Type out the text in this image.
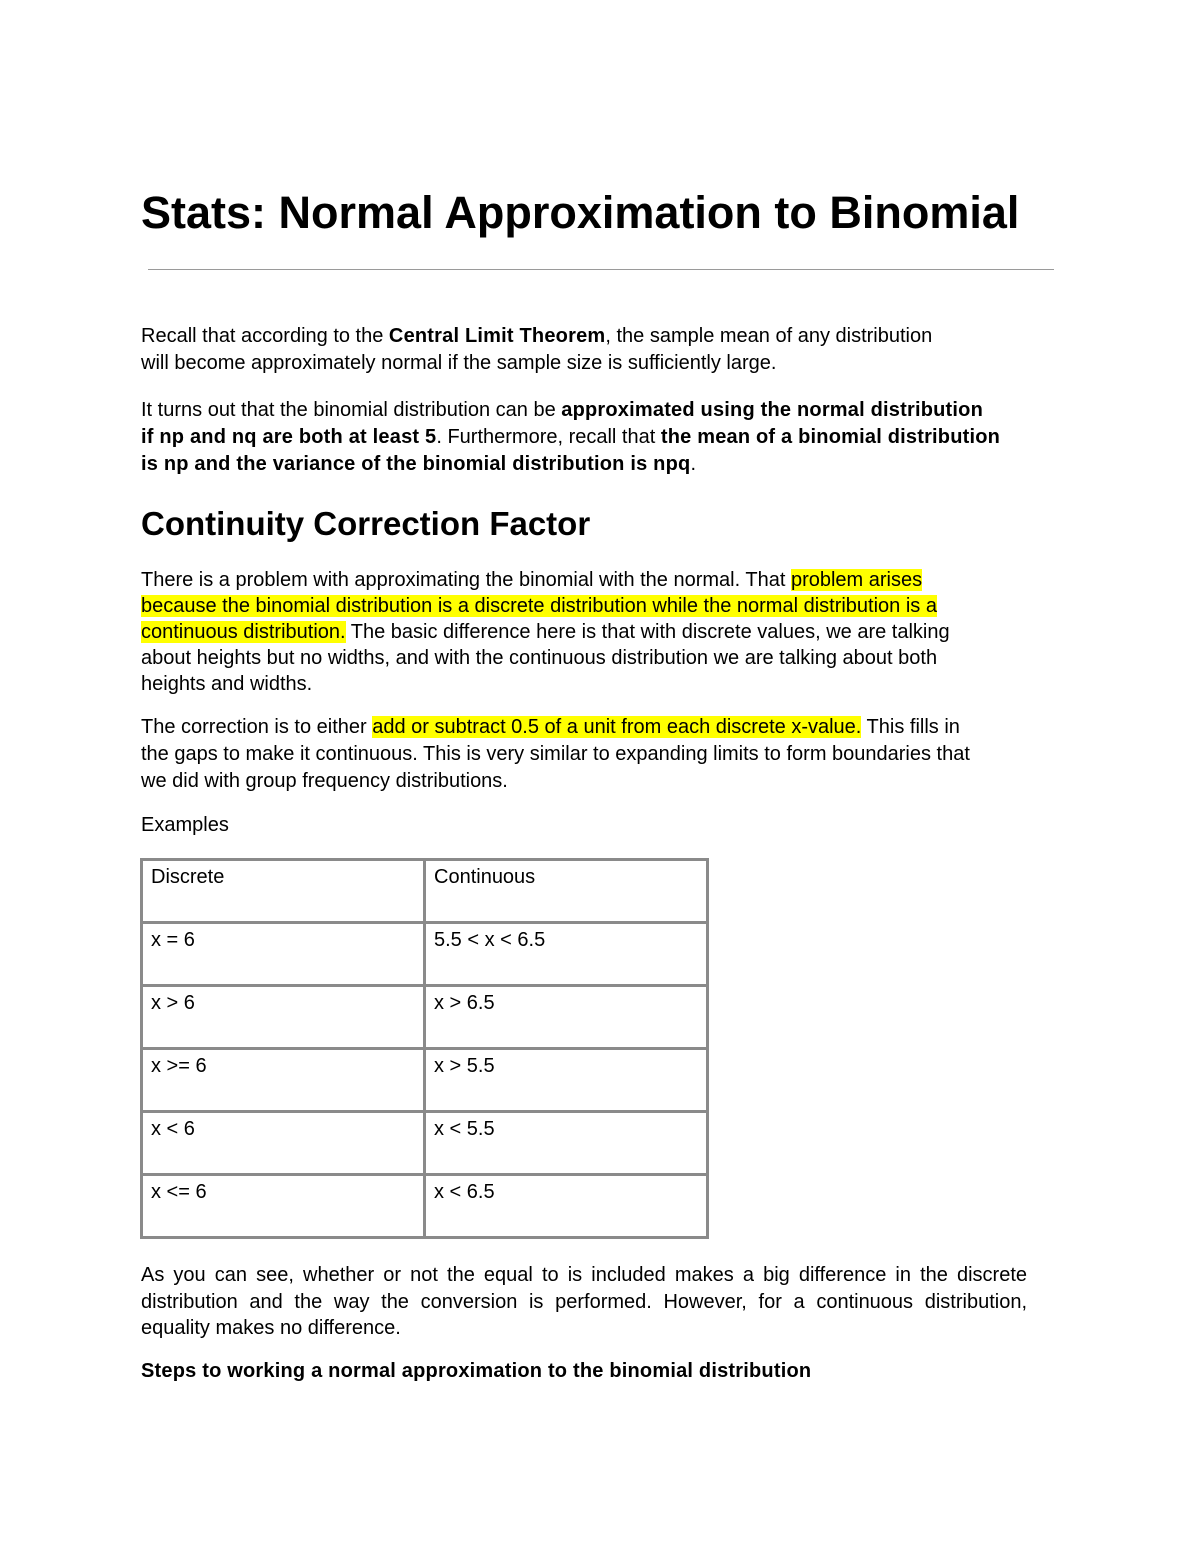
Stats: Normal Approximation to Binomial

Recall that according to the Central Limit Theorem, the sample mean of any distribution
will become approximately normal if the sample size is sufficiently large.

It turns out that the binomial distribution can be approximated using the normal distribution
if np and nq are both at least 5. Furthermore, recall that the mean of a binomial distribution
is np and the variance of the binomial distribution is npq.

Continuity Correction Factor

There is a problem with approximating the binomial with the normal. That problem arises
because the binomial distribution is a discrete distribution while the normal distribution is a
continuous distribution. The basic difference here is that with discrete values, we are talking
about heights but no widths, and with the continuous distribution we are talking about both
heights and widths.

The correction is to either add or subtract 0.5 of a unit from each discrete x-value. This fills in
the gaps to make it continuous. This is very similar to expanding limits to form boundaries that
we did with group frequency distributions.

Examples

Discrete	Continuous
x = 6	5.5 < x < 6.5
x > 6	x > 6.5
x >= 6	x > 5.5
x < 6	x < 5.5
x <= 6	x < 6.5

As you can see, whether or not the equal to is included makes a big difference in the discrete distribution and the way the conversion is performed. However, for a continuous distribution, equality makes no difference.

Steps to working a normal approximation to the binomial distribution
